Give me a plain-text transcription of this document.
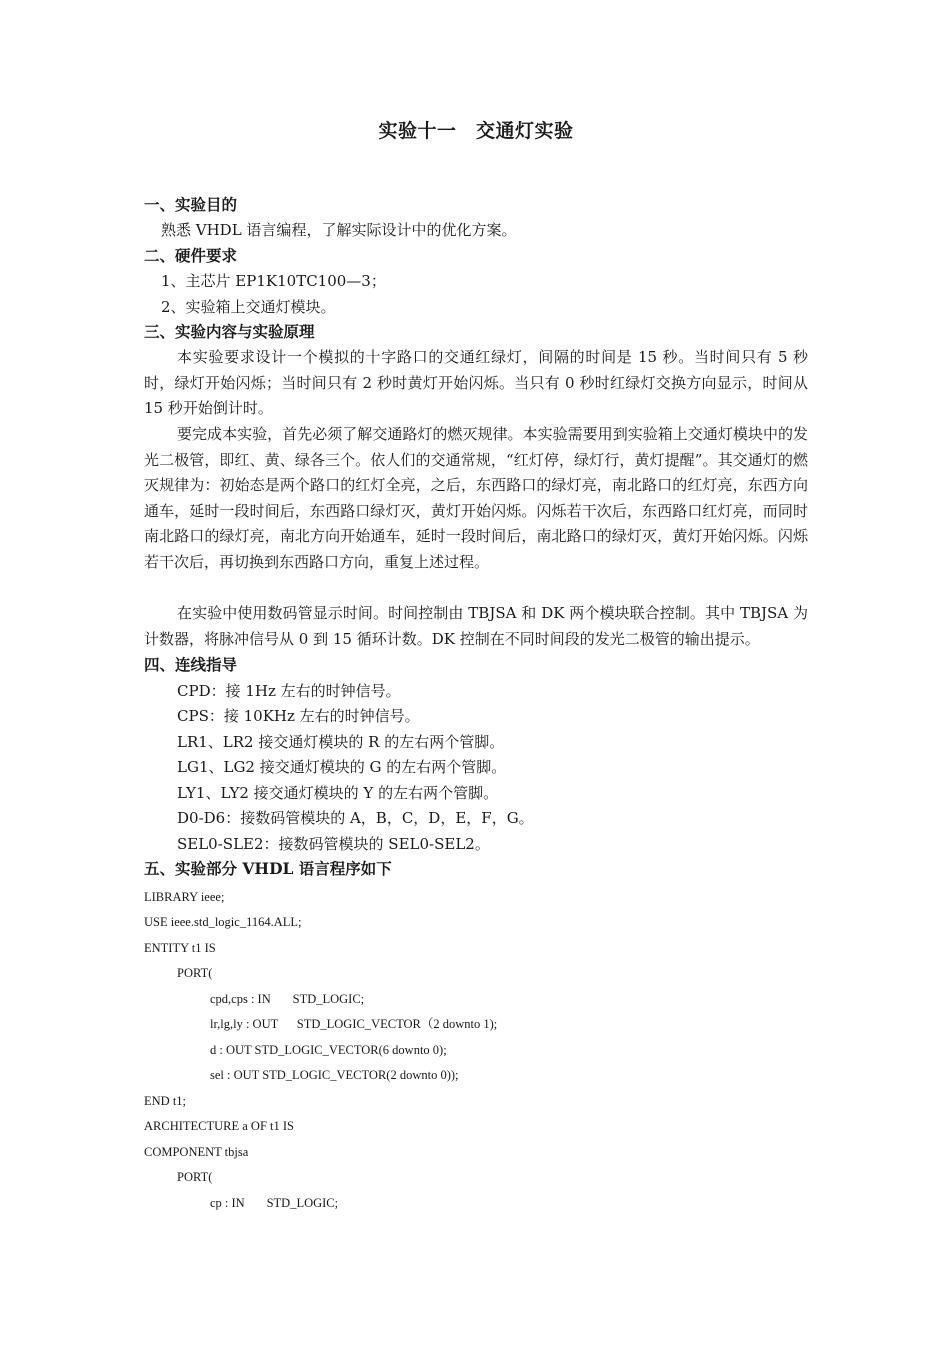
实验十一　交通灯实验
一、实验目的
熟悉 VHDL 语言编程，了解实际设计中的优化方案。
二、硬件要求
1、主芯片 EP1K10TC100—3；
2、实验箱上交通灯模块。
三、实验内容与实验原理
本实验要求设计一个模拟的十字路口的交通红绿灯，间隔的时间是 15 秒。当时间只有 5 秒时，绿灯开始闪烁；当时间只有 2 秒时黄灯开始闪烁。当只有 0 秒时红绿灯交换方向显示，时间从 15 秒开始倒计时。
要完成本实验，首先必须了解交通路灯的燃灭规律。本实验需要用到实验箱上交通灯模块中的发光二极管，即红、黄、绿各三个。依人们的交通常规，“红灯停，绿灯行，黄灯提醒”。其交通灯的燃灭规律为：初始态是两个路口的红灯全亮，之后，东西路口的绿灯亮，南北路口的红灯亮，东西方向通车，延时一段时间后，东西路口绿灯灭，黄灯开始闪烁。闪烁若干次后，东西路口红灯亮，而同时南北路口的绿灯亮，南北方向开始通车，延时一段时间后，南北路口的绿灯灭，黄灯开始闪烁。闪烁若干次后，再切换到东西路口方向，重复上述过程。
在实验中使用数码管显示时间。时间控制由 TBJSA 和 DK 两个模块联合控制。其中 TBJSA 为计数器，将脉冲信号从 0 到 15 循环计数。DK 控制在不同时间段的发光二极管的输出提示。
四、连线指导
CPD：接 1Hz 左右的时钟信号。
CPS：接 10KHz 左右的时钟信号。
LR1、LR2 接交通灯模块的 R 的左右两个管脚。
LG1、LG2 接交通灯模块的 G 的左右两个管脚。
LY1、LY2 接交通灯模块的 Y 的左右两个管脚。
D0-D6：接数码管模块的 A，B，C，D，E，F，G。
SEL0-SLE2：接数码管模块的 SEL0-SEL2。
五、实验部分 VHDL 语言程序如下
LIBRARY ieee;
USE ieee.std_logic_1164.ALL;
ENTITY t1 IS
PORT(
cpd,cps : IN       STD_LOGIC;
lr,lg,ly : OUT      STD_LOGIC_VECTOR（2 downto 1);
d : OUT STD_LOGIC_VECTOR(6 downto 0);
sel : OUT STD_LOGIC_VECTOR(2 downto 0));
END t1;
ARCHITECTURE a OF t1 IS
COMPONENT tbjsa
PORT(
cp : IN       STD_LOGIC;
